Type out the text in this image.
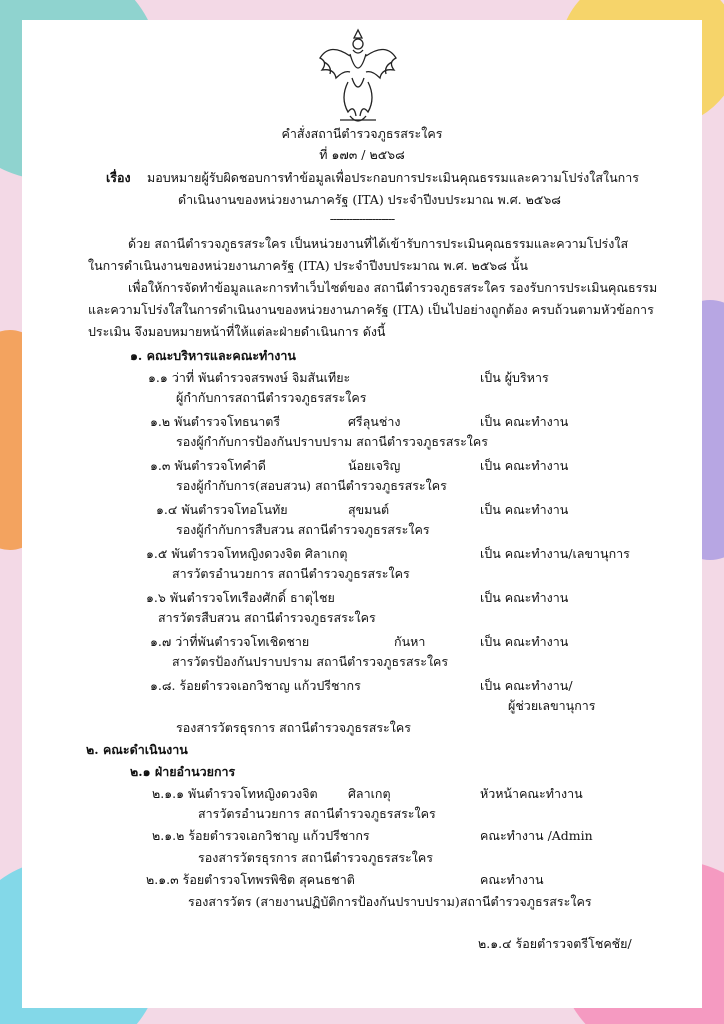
คำสั่งสถานีตำรวจภูธรสระใคร
ที่ ๑๗๓ / ๒๕๖๘
เรื่อง มอบหมายผู้รับผิดชอบการทำข้อมูลเพื่อประกอบการประเมินคุณธรรมและความโปร่งใสในการ
ดำเนินงานของหน่วยงานภาครัฐ (ITA) ประจำปีงบประมาณ พ.ศ. ๒๕๖๘
--------------------
ด้วย สถานีตำรวจภูธรสระใคร เป็นหน่วยงานที่ได้เข้ารับการประเมินคุณธรรมและความโปร่งใส
ในการดำเนินงานของหน่วยงานภาครัฐ (ITA) ประจำปีงบประมาณ พ.ศ. ๒๕๖๘ นั้น
เพื่อให้การจัดทำข้อมูลและการทำเว็บไซต์ของ สถานีตำรวจภูธรสระใคร รองรับการประเมินคุณธรรม
และความโปร่งใสในการดำเนินงานของหน่วยงานภาครัฐ (ITA) เป็นไปอย่างถูกต้อง ครบถ้วนตามหัวข้อการ
ประเมิน จึงมอบหมายหน้าที่ให้แต่ละฝ่ายดำเนินการ ดังนี้
๑. คณะบริหารและคณะทำงาน
๑.๑ ว่าที่ พันตำรวจสรพงษ์ จิมสันเทียะ	เป็น ผู้บริหาร
ผู้กำกับการสถานีตำรวจภูธรสระใคร
๑.๒ พันตำรวจโทธนาตรี	ศรีลุนช่าง	เป็น คณะทำงาน
รองผู้กำกับการป้องกันปราบปราม สถานีตำรวจภูธรสระใคร
๑.๓ พันตำรวจโทคำดี	น้อยเจริญ	เป็น คณะทำงาน
รองผู้กำกับการ(สอบสวน) สถานีตำรวจภูธรสระใคร
๑.๔ พันตำรวจโทอโนทัย	สุขมนต์	เป็น คณะทำงาน
รองผู้กำกับการสืบสวน สถานีตำรวจภูธรสระใคร
๑.๕ พันตำรวจโทหญิงดวงจิต ศิลาเกตุ	เป็น คณะทำงาน/เลขานุการ
สารวัตรอำนวยการ สถานีตำรวจภูธรสระใคร
๑.๖ พันตำรวจโทเรืองศักดิ์ ธาตุไชย	เป็น คณะทำงาน
สารวัตรสืบสวน สถานีตำรวจภูธรสระใคร
๑.๗ ว่าที่พันตำรวจโทเชิดชาย	กันหา	เป็น คณะทำงาน
สารวัตรป้องกันปราบปราม สถานีตำรวจภูธรสระใคร
๑.๘. ร้อยตำรวจเอกวิชาญ แก้วปรีชากร	เป็น คณะทำงาน/
ผู้ช่วยเลขานุการ
รองสารวัตรธุรการ สถานีตำรวจภูธรสระใคร
๒. คณะดำเนินงาน
๒.๑ ฝ่ายอำนวยการ
๒.๑.๑ พันตำรวจโทหญิงดวงจิต ศิลาเกตุ	หัวหน้าคณะทำงาน
สารวัตรอำนวยการ สถานีตำรวจภูธรสระใคร
๒.๑.๒ ร้อยตำรวจเอกวิชาญ แก้วปรีชากร	คณะทำงาน /Admin
รองสารวัตรธุรการ สถานีตำรวจภูธรสระใคร
๒.๑.๓ ร้อยตำรวจโทพรพิชิต สุคนธชาติ	คณะทำงาน
รองสารวัตร (สายงานปฏิบัติการป้องกันปราบปราม)สถานีตำรวจภูธรสระใคร
๒.๑.๔ ร้อยตำรวจตรีโชคชัย/
